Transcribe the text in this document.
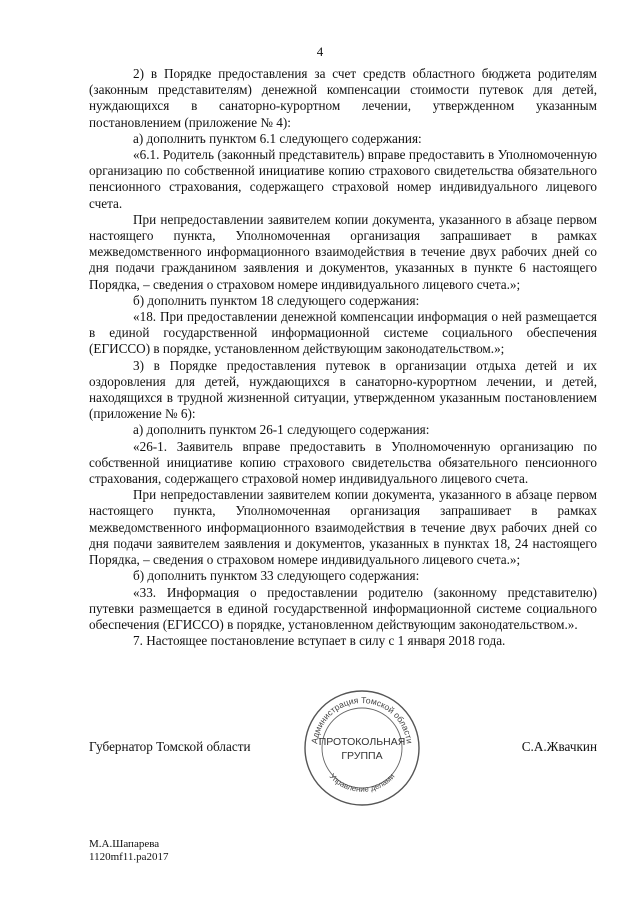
4

2) в Порядке предоставления за счет средств областного бюджета родителям (законным представителям) денежной компенсации стоимости путевок для детей, нуждающихся в санаторно-курортном лечении, утвержденном указанным постановлением (приложение № 4):

а) дополнить пунктом 6.1 следующего содержания:

«6.1. Родитель (законный представитель) вправе предоставить в Уполномоченную организацию по собственной инициативе копию страхового свидетельства обязательного пенсионного страхования, содержащего страховой номер индивидуального лицевого счета.

При непредоставлении заявителем копии документа, указанного в абзаце первом настоящего пункта, Уполномоченная организация запрашивает в рамках межведомственного информационного взаимодействия в течение двух рабочих дней со дня подачи гражданином заявления и документов, указанных в пункте 6 настоящего Порядка, – сведения о страховом номере индивидуального лицевого счета.»;

б) дополнить пунктом 18 следующего содержания:

«18. При предоставлении денежной компенсации информация о ней размещается в единой государственной информационной системе социального обеспечения (ЕГИССО) в порядке, установленном действующим законодательством.»;

3) в Порядке предоставления путевок в организации отдыха детей и их оздоровления для детей, нуждающихся в санаторно-курортном лечении, и детей, находящихся в трудной жизненной ситуации, утвержденном указанным постановлением (приложение № 6):

а) дополнить пунктом 26-1 следующего содержания:

«26-1. Заявитель вправе предоставить в Уполномоченную организацию по собственной инициативе копию страхового свидетельства обязательного пенсионного страхования, содержащего страховой номер индивидуального лицевого счета.

При непредоставлении заявителем копии документа, указанного в абзаце первом настоящего пункта, Уполномоченная организация запрашивает в рамках межведомственного информационного взаимодействия в течение двух рабочих дней со дня подачи заявителем заявления и документов, указанных в пунктах 18, 24 настоящего Порядка, – сведения о страховом номере индивидуального лицевого счета.»;

б) дополнить пунктом 33 следующего содержания:

«33. Информация о предоставлении родителю (законному представителю) путевки размещается в единой государственной информационной системе социального обеспечения (ЕГИССО) в порядке, установленном действующим законодательством.».

7. Настоящее постановление вступает в силу с 1 января 2018 года.

Губернатор Томской области	Администрация Томской области
Управление делами
ПРОТОКОЛЬНАЯ
ГРУППА
С.А.Жвачкин
М.А.Шапарева
1120mf11.pa2017
